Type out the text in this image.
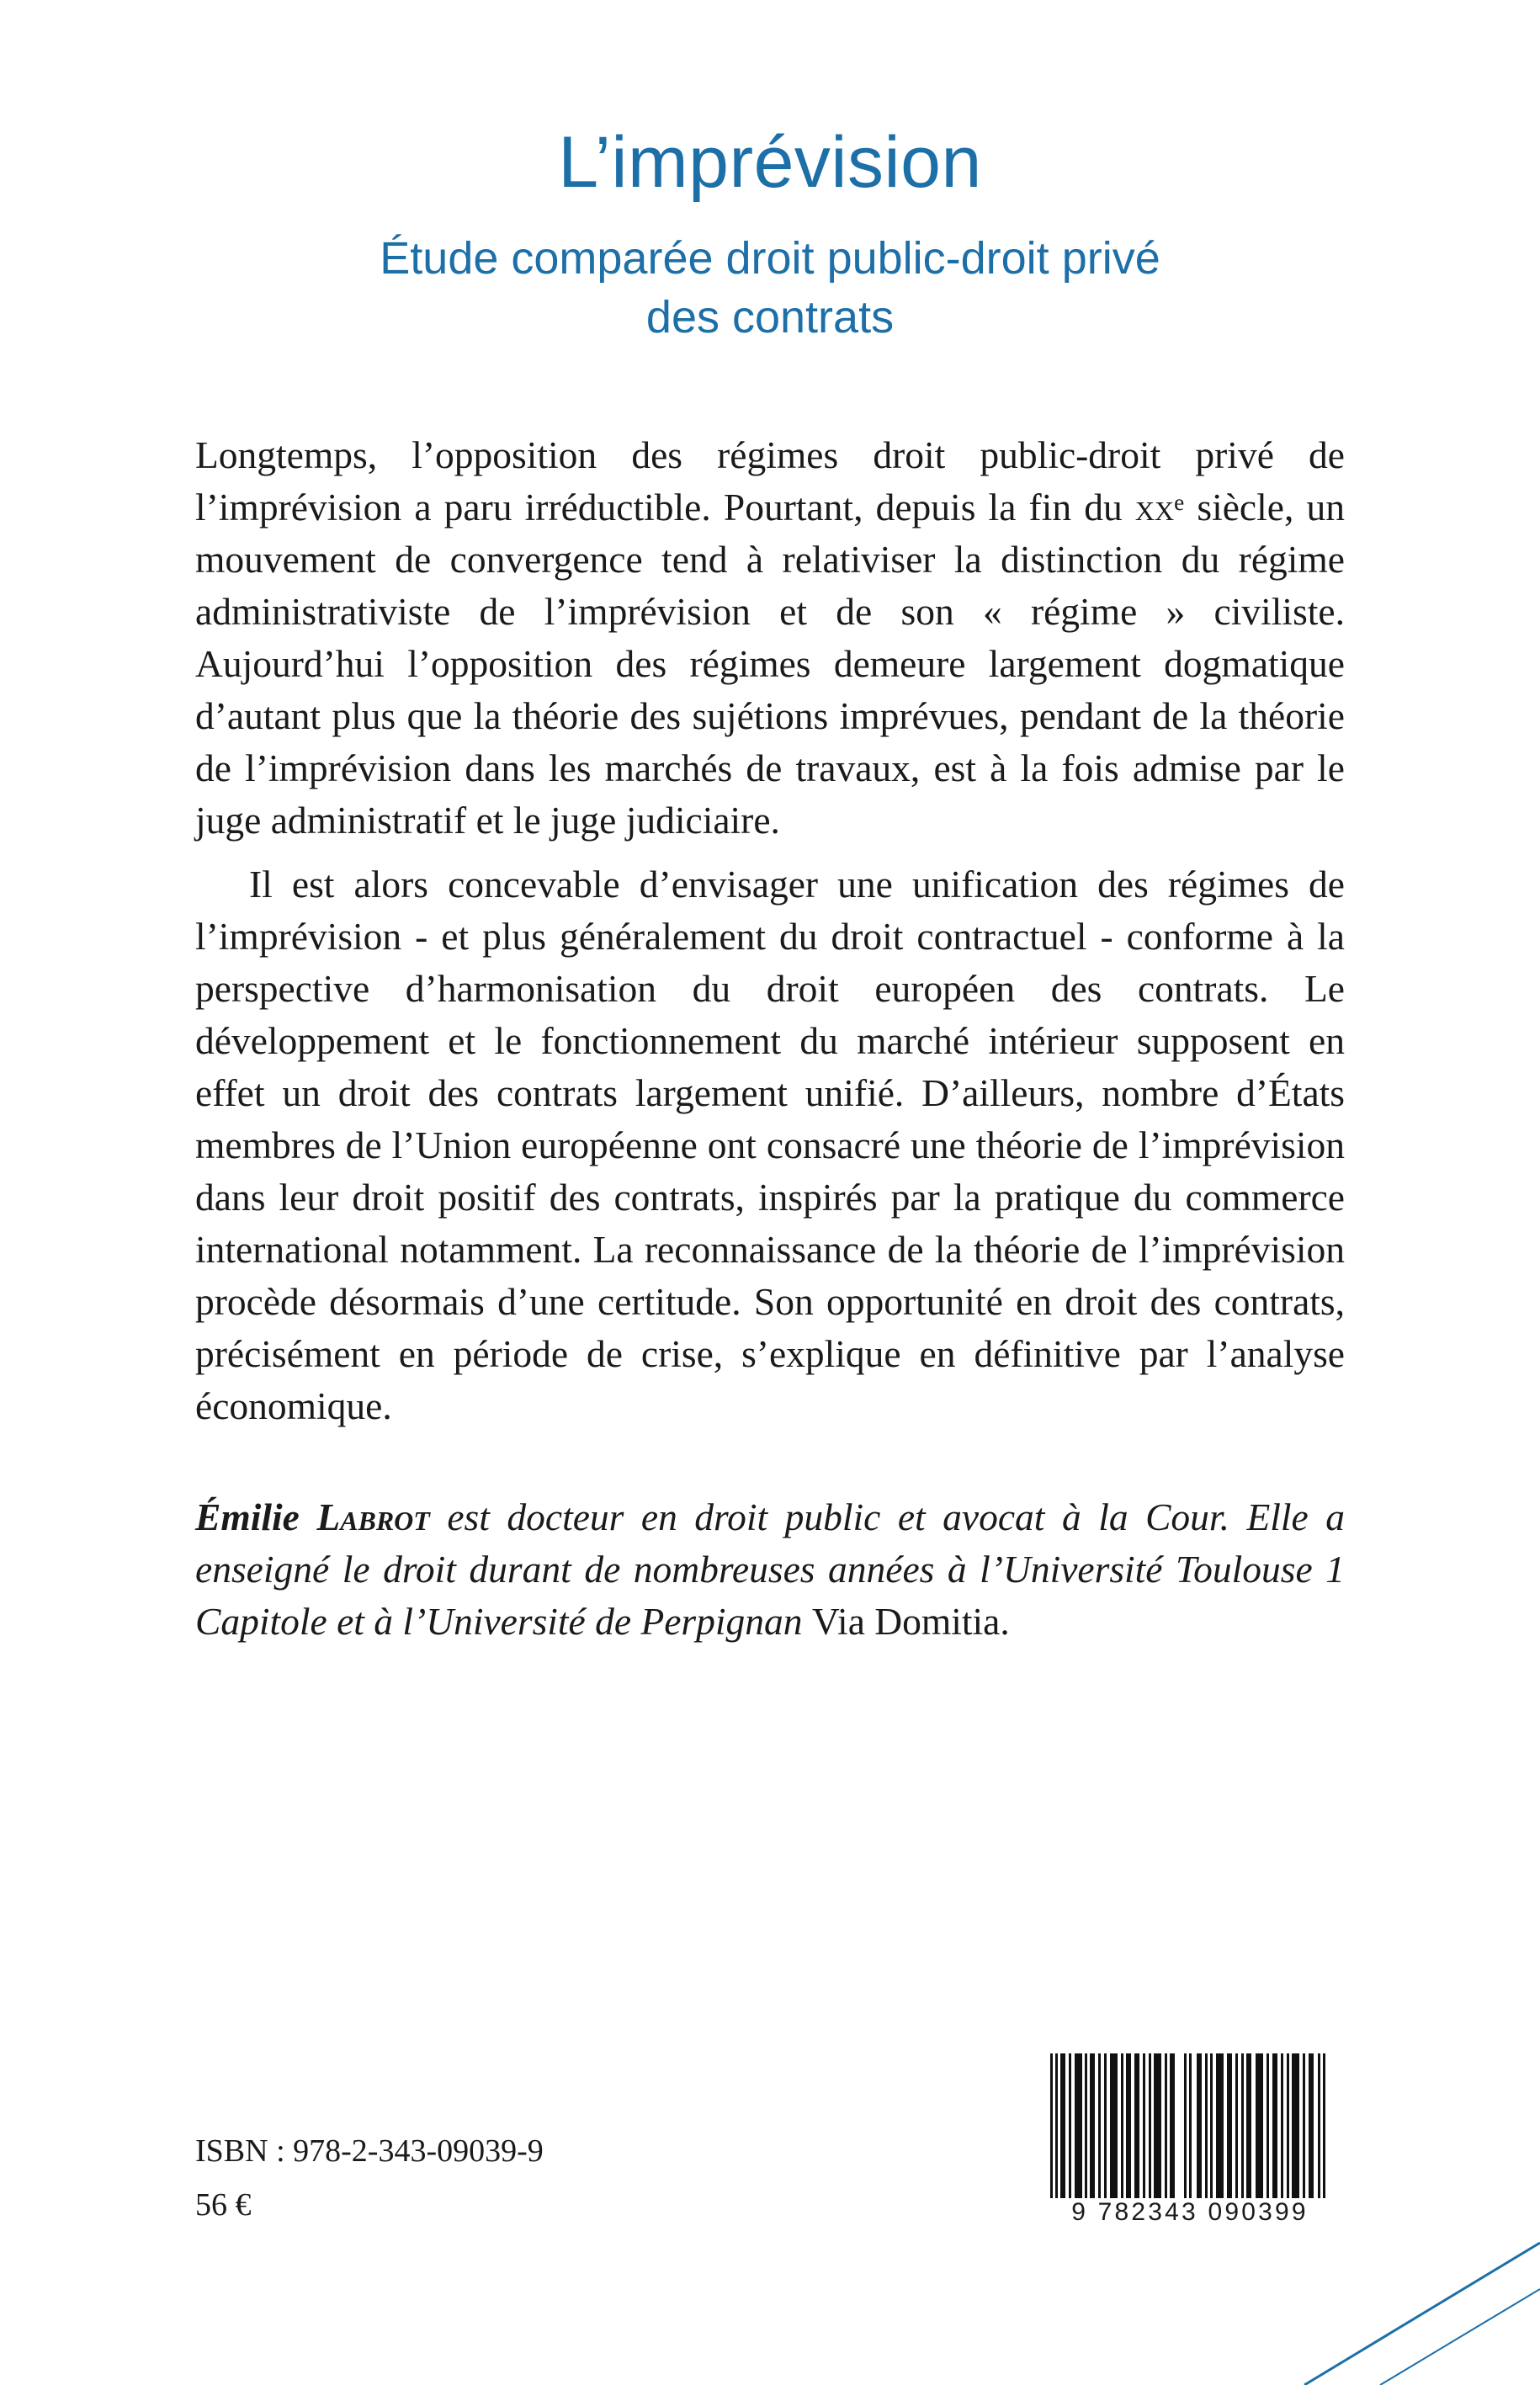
L’imprévision
Étude comparée droit public-droit privé
des contrats

Longtemps, l’opposition des régimes droit public-droit privé de l’imprévision a paru irréductible. Pourtant, depuis la fin du $xx^e$ siècle, un mouvement de convergence tend à relativiser la distinction du régime administrativiste de l’imprévision et de son « régime » civiliste. Aujourd’hui l’opposition des régimes demeure largement dogmatique d’autant plus que la théorie des sujétions imprévues, pendant de la théorie de l’imprévision dans les marchés de travaux, est à la fois admise par le juge administratif et le juge judiciaire.

Il est alors concevable d’envisager une unification des régimes de l’imprévision - et plus généralement du droit contractuel - conforme à la perspective d’harmonisation du droit européen des contrats. Le développement et le fonctionnement du marché intérieur supposent en effet un droit des contrats largement unifié. D’ailleurs, nombre d’États membres de l’Union européenne ont consacré une théorie de l’imprévision dans leur droit positif des contrats, inspirés par la pratique du commerce international notamment. La reconnaissance de la théorie de l’imprévision procède désormais d’une certitude. Son opportunité en droit des contrats, précisément en période de crise, s’explique en définitive par l’analyse économique.

Émilie Labrot est docteur en droit public et avocat à la Cour. Elle a enseigné le droit durant de nombreuses années à l’Université Toulouse 1 Capitole et à l’Université de Perpignan Via Domitia.
ISBN : 978-2-343-09039-9
56 €	9 782343 090399
